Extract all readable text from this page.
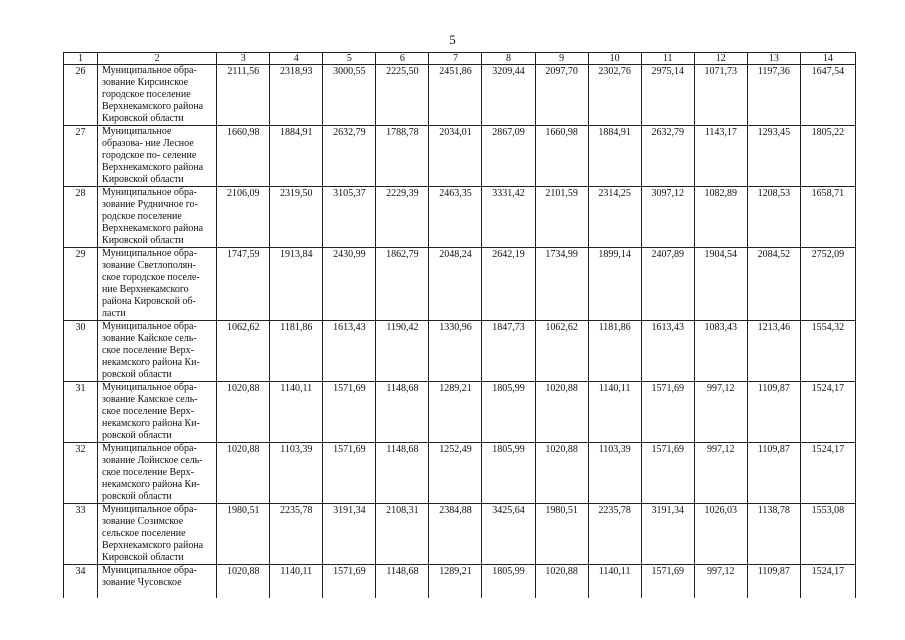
5
1	2	3	4	5	6	7	8	9	10	11	12	13	14
26	Муниципальное обра- зование Кирсинское городское поселение Верхнекамского района Кировской области	2111,56	2318,93	3000,55	2225,50	2451,86	3209,44	2097,70	2302,76	2975,14	1071,73	1197,36	1647,54
27	Муниципальное образова- ние Лесное городское по- селение Верхнекамского района Кировской области	1660,98	1884,91	2632,79	1788,78	2034,01	2867,09	1660,98	1884,91	2632,79	1143,17	1293,45	1805,22
28	Муниципальное обра- зование Рудничное го- родское поселение Верхнекамского района Кировской области	2106,09	2319,50	3105,37	2229,39	2463,35	3331,42	2101,59	2314,25	3097,12	1082,89	1208,53	1658,71
29	Муниципальное обра- зование Светлополян- ское городское поселе- ние Верхнекамского района Кировской об- ласти	1747,59	1913,84	2430,99	1862,79	2048,24	2642,19	1734,99	1899,14	2407,89	1904,54	2084,52	2752,09
30	Муниципальное обра- зование Кайское сель- ское поселение Верх- некамского района Ки- ровской области	1062,62	1181,86	1613,43	1190,42	1330,96	1847,73	1062,62	1181,86	1613,43	1083,43	1213,46	1554,32
31	Муниципальное обра- зование Камское сель- ское поселение Верх- некамского района Ки- ровской области	1020,88	1140,11	1571,69	1148,68	1289,21	1805,99	1020,88	1140,11	1571,69	997,12	1109,87	1524,17
32	Муниципальное обра- зование Лойнское сель- ское поселение Верх- некамского района Ки- ровской области	1020,88	1103,39	1571,69	1148,68	1252,49	1805,99	1020,88	1103,39	1571,69	997,12	1109,87	1524,17
33	Муниципальное обра- зование Созимское сельское поселение Верхнекамского района Кировской области	1980,51	2235,78	3191,34	2108,31	2384,88	3425,64	1980,51	2235,78	3191,34	1026,03	1138,78	1553,08
34	Муниципальное обра- зование Чусовское	1020,88	1140,11	1571,69	1148,68	1289,21	1805,99	1020,88	1140,11	1571,69	997,12	1109,87	1524,17
